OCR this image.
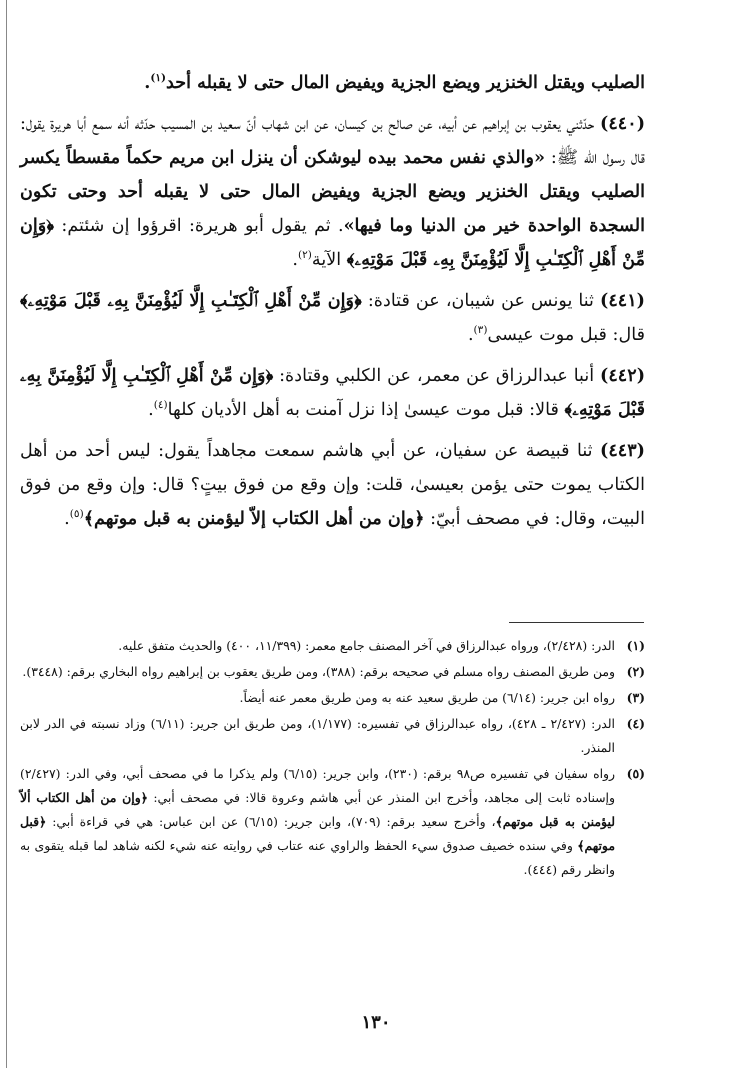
الصليب ويقتل الخنزير ويضع الجزية ويفيض المال حتى لا يقبله أحد$^{(١)}$.

(٤٤٠) حدّثني يعقوب بن إبراهيم عن أبيه، عن صالح بن كيسان، عن ابن شهاب أنّ سعيد بن المسيب حدّثه أنه سمع أبا هريرة يقول: قال رسول الله ﷺ: «والذي نفس محمد بيده ليوشكن أن ينزل ابن مريم حكماً مقسطاً يكسر الصليب ويقتل الخنزير ويضع الجزية ويفيض المال حتى لا يقبله أحد وحتى تكون السجدة الواحدة خير من الدنيا وما فيها». ثم يقول أبو هريرة: اقرؤوا إن شئتم: ﴿وَإِن مِّنْ أَهْلِ ٱلْكِتَـٰبِ إِلَّا لَيُؤْمِنَنَّ بِهِۦ قَبْلَ مَوْتِهِۦ﴾ الآية$^{(٢)}$.

(٤٤١) ثنا يونس عن شيبان، عن قتادة: ﴿وَإِن مِّنْ أَهْلِ ٱلْكِتَـٰبِ إِلَّا لَيُؤْمِنَنَّ بِهِۦ قَبْلَ مَوْتِهِۦ﴾ قال: قبل موت عيسى$^{(٣)}$.

(٤٤٢) أنبا عبدالرزاق عن معمر، عن الكلبي وقتادة: ﴿وَإِن مِّنْ أَهْلِ ٱلْكِتَـٰبِ إِلَّا لَيُؤْمِنَنَّ بِهِۦ قَبْلَ مَوْتِهِۦ﴾ قالا: قبل موت عيسىٰ إذا نزل آمنت به أهل الأديان كلها$^{(٤)}$.

(٤٤٣) ثنا قبيصة عن سفيان، عن أبي هاشم سمعت مجاهداً يقول: ليس أحد من أهل الكتاب يموت حتى يؤمن بعيسىٰ، قلت: وإن وقع من فوق بيتٍ؟ قال: وإن وقع من فوق البيت، وقال: في مصحف أبيّ: ﴿وإن من أهل الكتاب إلاّ ليؤمنن به قبل موتهم﴾$^{(٥)}$.

(١)
الدر: (٢/٤٢٨)، ورواه عبدالرزاق في آخر المصنف جامع معمر: (١١/٣٩٩، ٤٠٠) والحديث متفق عليه.
(٢)
ومن طريق المصنف رواه مسلم في صحيحه برقم: (٣٨٨)، ومن طريق يعقوب بن إبراهيم رواه البخاري برقم: (٣٤٤٨).
(٣)
رواه ابن جرير: (٦/١٤) من طريق سعيد عنه به ومن طريق معمر عنه أيضاً.
(٤)
الدر: (٢/٤٢٧ ـ ٤٢٨)، رواه عبدالرزاق في تفسيره: (١/١٧٧)، ومن طريق ابن جرير: (٦/١١) وزاد نسبته في الدر لابن المنذر.
(٥)
رواه سفيان في تفسيره ص٩٨ برقم: (٢٣٠)، وابن جرير: (٦/١٥) ولم يذكرا ما في مصحف أبي، وفي الدر: (٢/٤٢٧) وإسناده ثابت إلى مجاهد، وأخرج ابن المنذر عن أبي هاشم وعروة قالا: في مصحف أبي: ﴿وإن من أهل الكتاب ألاّ ليؤمنن به قبل موتهم﴾، وأخرج سعيد برقم: (٧٠٩)، وابن جرير: (٦/١٥) عن ابن عباس: هي في قراءة أبي: ﴿قبل موتهم﴾ وفي سنده خصيف صدوق سيء الحفظ والراوي عنه عتاب في روايته عنه شيء لكنه شاهد لما قبله يتقوى به وانظر رقم (٤٤٤).
١٣٠
